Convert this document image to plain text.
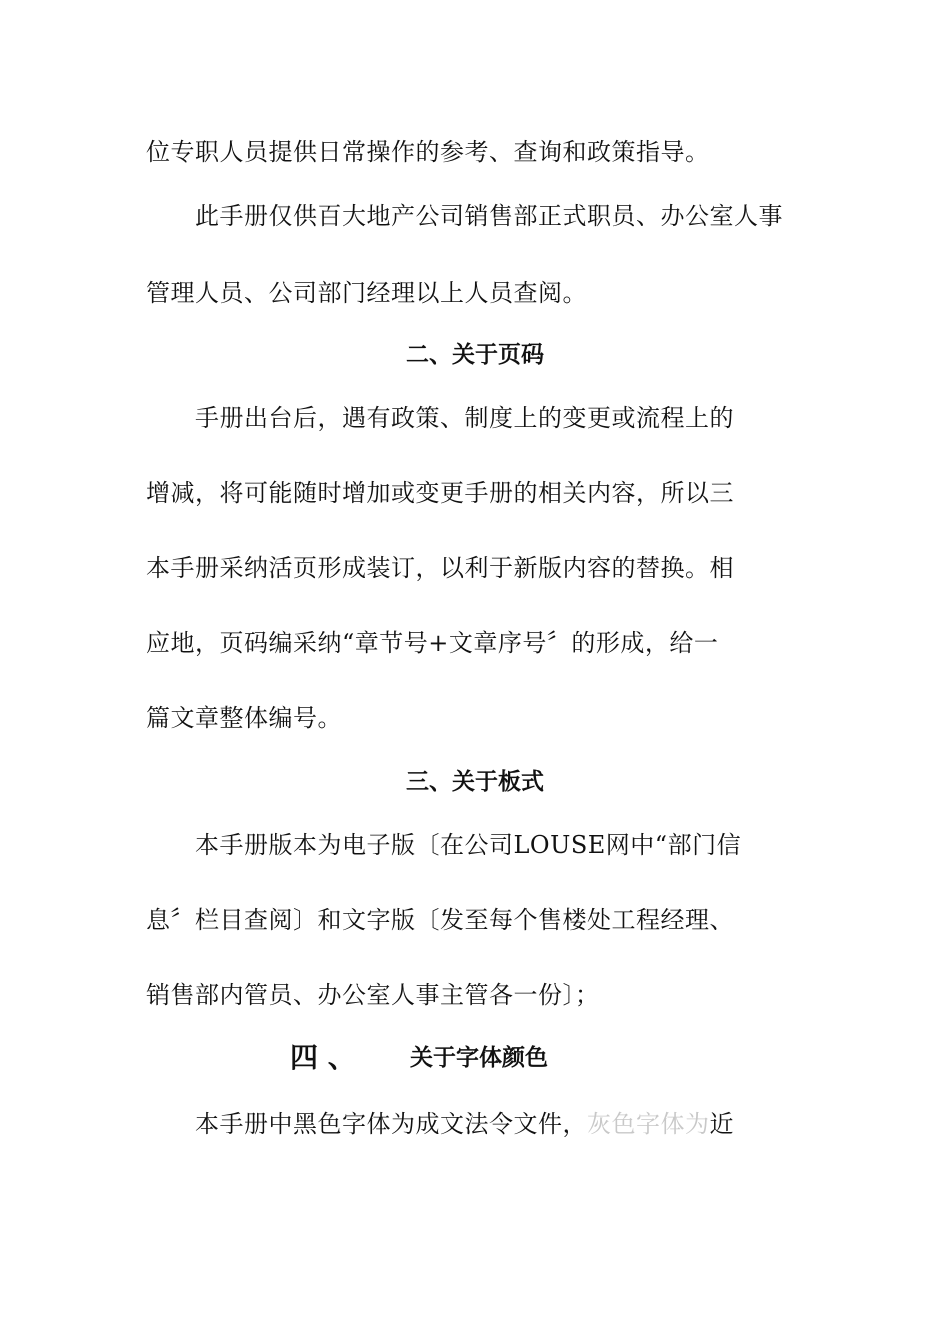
位专职人员提供日常操作的参考、查询和政策指导。
　　此手册仅供百大地产公司销售部正式职员、办公室人事
管理人员、公司部门经理以上人员查阅。
二、关于页码
　　手册出台后，遇有政策、制度上的变更或流程上的
增减，将可能随时增加或变更手册的相关内容，所以三
本手册采纳活页形成装订，以利于新版内容的替换。相
应地，页码编采纳“章节号+文章序号〞的形成，给一
篇文章整体编号。
三、关于板式
　　本手册版本为电子版〔在公司LOUSE网中“部门信
息〞栏目查阅〕和文字版〔发至每个售楼处工程经理、
销售部内管员、办公室人事主管各一份〕；
四 、 关于字体颜色
　　本手册中黑色字体为成文法令文件，灰色字体为近
